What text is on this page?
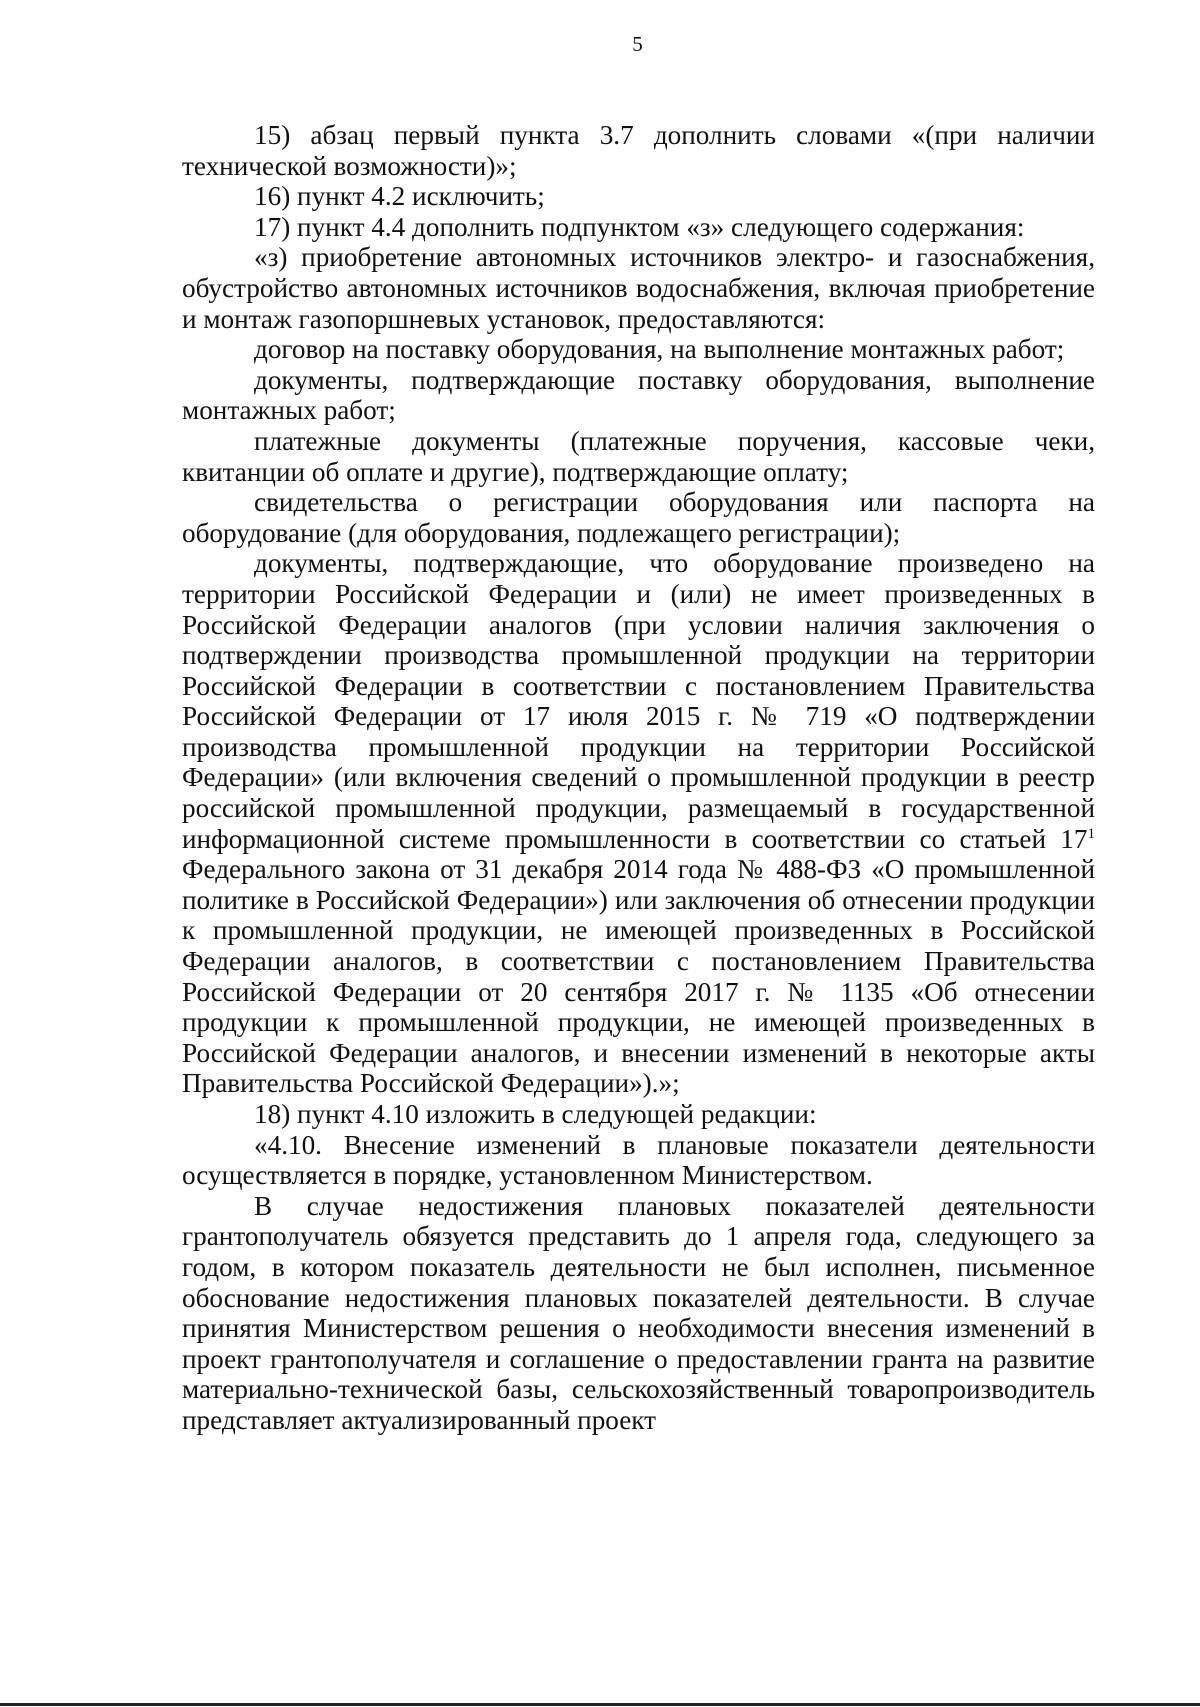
5

15) абзац первый пункта 3.7 дополнить словами «(при наличии технической возможности)»;

16) пункт 4.2 исключить;

17) пункт 4.4 дополнить подпунктом «з» следующего содержания:

«з) приобретение автономных источников электро- и газоснабжения, обустройство автономных источников водоснабжения, включая приобретение и монтаж газопоршневых установок, предоставляются:

договор на поставку оборудования, на выполнение монтажных работ;

документы, подтверждающие поставку оборудования, выполнение монтажных работ;

платежные документы (платежные поручения, кассовые чеки, квитанции об оплате и другие), подтверждающие оплату;

свидетельства о регистрации оборудования или паспорта на оборудование (для оборудования, подлежащего регистрации);

документы, подтверждающие, что оборудование произведено на территории Российской Федерации и (или) не имеет произведенных в Российской Федерации аналогов (при условии наличия заключения о подтверждении производства промышленной продукции на территории Российской Федерации в соответствии с постановлением Правительства Российской Федерации от 17 июля 2015 г. № 719 «О подтверждении производства промышленной продукции на территории Российской Федерации» (или включения сведений о промышленной продукции в реестр российской промышленной продукции, размещаемый в государственной информационной системе промышленности в соответствии со статьей $17^1$ Федерального закона от 31 декабря 2014 года № 488-ФЗ «О промышленной политике в Российской Федерации») или заключения об отнесении продукции к промышленной продукции, не имеющей произведенных в Российской Федерации аналогов, в соответствии с постановлением Правительства Российской Федерации от 20 сентября 2017 г. № 1135 «Об отнесении продукции к промышленной продукции, не имеющей произведенных в Российской Федерации аналогов, и внесении изменений в некоторые акты Правительства Российской Федерации»).»;

18) пункт 4.10 изложить в следующей редакции:

«4.10. Внесение изменений в плановые показатели деятельности осуществляется в порядке, установленном Министерством.

В случае недостижения плановых показателей деятельности грантополучатель обязуется представить до 1 апреля года, следующего за годом, в котором показатель деятельности не был исполнен, письменное обоснование недостижения плановых показателей деятельности. В случае принятия Министерством решения о необходимости внесения изменений в проект грантополучателя и соглашение о предоставлении гранта на развитие материально-технической базы, сельскохозяйственный товаропроизводитель представляет актуализированный проект
